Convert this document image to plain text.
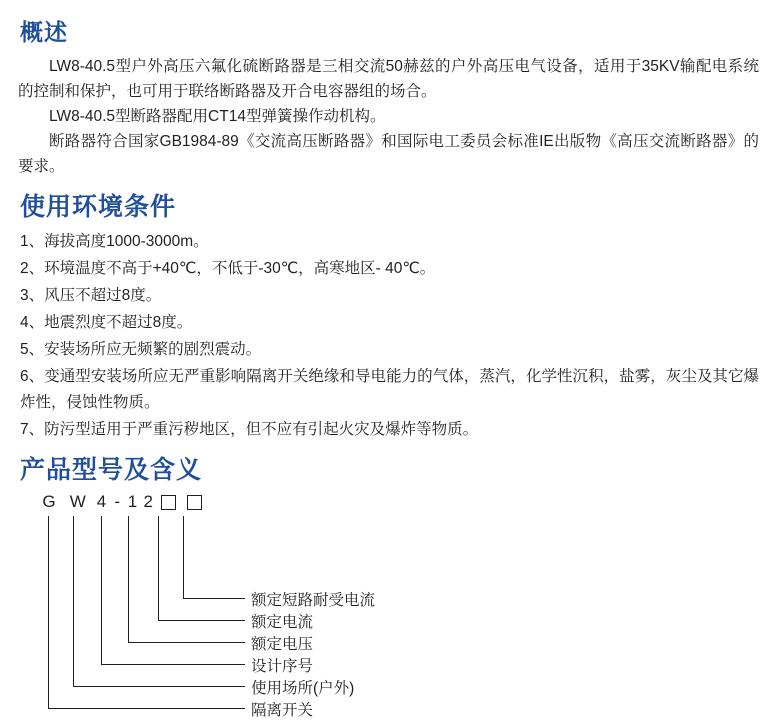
概述

LW8-40.5型户外高压六氟化硫断路器是三相交流50赫兹的户外高压电气设备，适用于35KV输配电系统的控制和保护，也可用于联络断路器及开合电容器组的场合。

LW8-40.5型断路器配用CT14型弹簧操作动机构。

断路器符合国家GB1984-89《交流高压断路器》和国际电工委员会标准IE出版物《高压交流断路器》的要求。

使用环境条件

1、海拔高度1000-3000m。

2、环境温度不高于+40℃，不低于-30℃，高寒地区- 40℃。

3、风压不超过8度。

4、地震烈度不超过8度。

5、安装场所应无频繁的剧烈震动。

6、变通型安装场所应无严重影响隔离开关绝缘和导电能力的气体，蒸汽，化学性沉积，盐雾，灰尘及其它爆炸性，侵蚀性物质。

7、防污型适用于严重污秽地区，但不应有引起火灾及爆炸等物质。

产品型号及含义
G W 4 - 1 2
额定短路耐受电流
额定电流
额定电压
设计序号
使用场所(户外)
隔离开关
